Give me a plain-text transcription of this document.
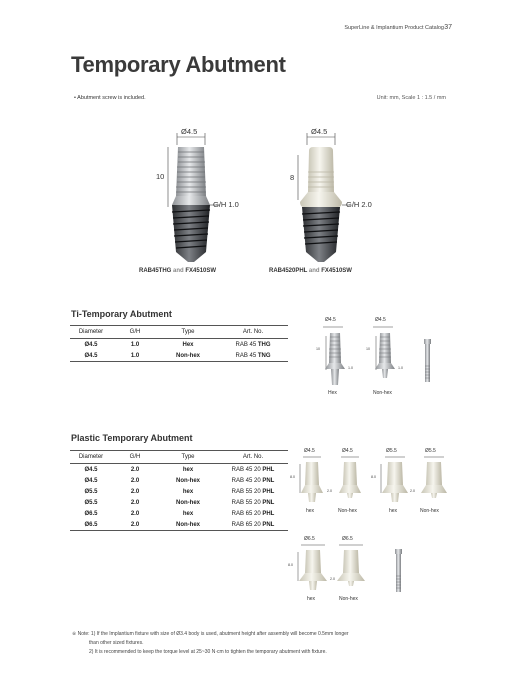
SuperLine & Implantium Product Catalog 37
Temporary Abutment
• Abutment screw is included.	Unit: mm, Scale 1 : 1.5 / mm
Ø4.5
10
G/H 1.0
RAB45THG and FX4510SW
Ø4.5
8
G/H 2.0
RAB4520PHL and FX4510SW
Ti-Temporary Abutment
Diameter	G/H	Type	Art. No.
Ø4.5	1.0	Hex	RAB 45 THG
Ø4.5	1.0	Non-hex	RAB 45 TNG
Ø4.5	Ø4.5
10	10
1.0	1.0
Hex	Non-hex
Plastic Temporary Abutment
Diameter	G/H	Type	Art. No.
Ø4.5	2.0	hex	RAB 45 20 PHL
Ø4.5	2.0	Non-hex	RAB 45 20 PNL
Ø5.5	2.0	hex	RAB 55 20 PHL
Ø5.5	2.0	Non-hex	RAB 55 20 PNL
Ø6.5	2.0	hex	RAB 65 20 PHL
Ø6.5	2.0	Non-hex	RAB 65 20 PNL
Ø4.5	Ø4.5	Ø5.5	Ø5.5
8.0	8.0
2.0	2.0
hex	Non-hex	hex	Non-hex
Ø6.5	Ø6.5
8.0
2.0
hex	Non-hex
※ Note: 1) If the Implantium fixture with size of Ø3.4 body is used, abutment height after assembly will become 0.5mm longer
than other sized fixtures.
2) It is recommended to keep the torque level at 25~30 N·cm to tighten the temporary abutment with fixture.
